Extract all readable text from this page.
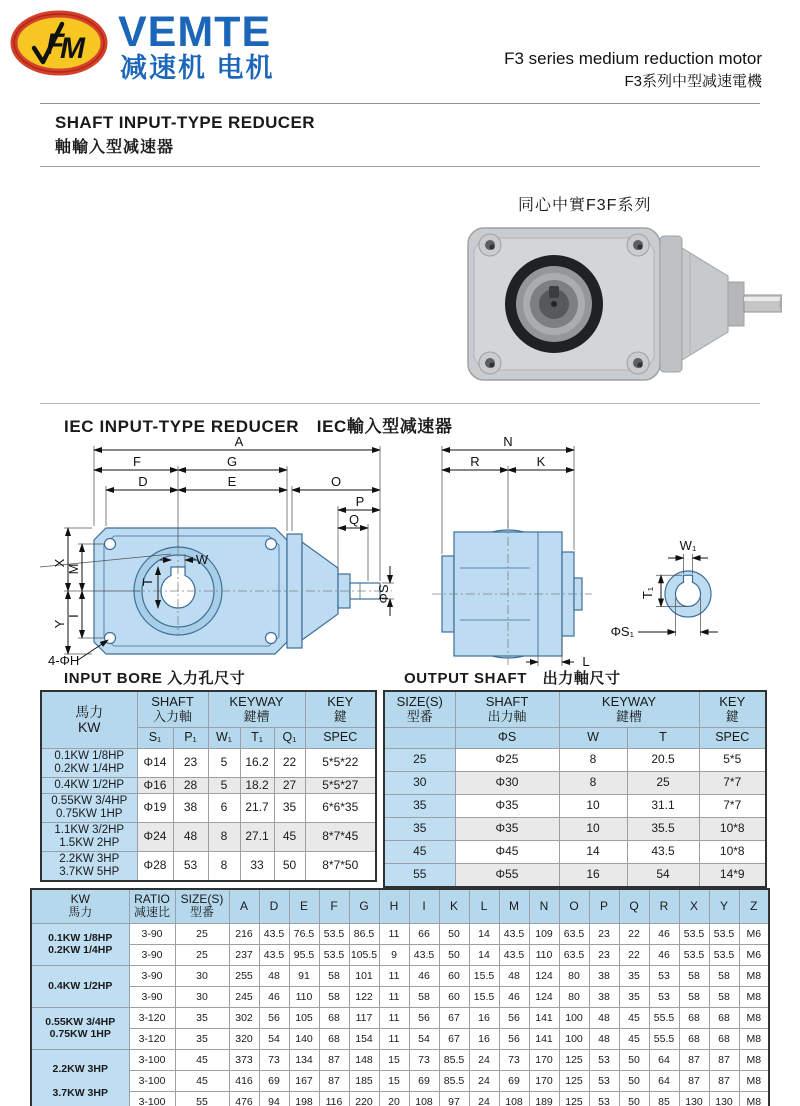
F
M VEMTE
减速机 电机	F3 series medium reduction motor
F3系列中型减速電機
SHAFT INPUT-TYPE REDUCER
軸輸入型减速器
同心中實F3F系列
IEC INPUT-TYPE REDUCER　IEC輸入型减速器
A
F	G
D	E	O
P
Q
W
N
R	K
L
W₁
X
M
Y
I
T
ΦS	T₁
4-ΦH
ΦS₁
INPUT BORE 入力孔尺寸	OUTPUT SHAFT　出力軸尺寸
馬力
KW

SHAFT
入力軸

KEYWAY
鍵槽

KEY
鍵

	S₁	P₁	W₁	T₁	Q₁	SPEC

0.1KW 1/8HP
0.2KW 1/4HP	Φ14	23	5	16.2	22	5*5*22

0.4KW 1/2HP	Φ16	28	5	18.2	27	5*5*27

0.55KW 3/4HP
0.75KW 1HP	Φ19	38	6	21.7	35	6*6*35

1.1KW 3/2HP
1.5KW 2HP	Φ24	48	8	27.1	45	8*7*45

2.2KW 3HP
3.7KW 5HP	Φ28	53	8	33	50	8*7*50
SIZE(S)
型番

SHAFT
出力軸

KEYWAY
鍵槽

KEY
鍵

	ΦS	W	T	SPEC

25	Φ25	8	20.5	5*5

30	Φ30	8	25	7*7

35	Φ35	10	31.1	7*7

35	Φ35	10	35.5	10*8

45	Φ45	14	43.5	10*8

55	Φ55	16	54	14*9
KW
馬力

RATIO
减速比

SIZE(S)
型番	A	D	E	F	G	H	I	K	L	M	N	O	P	Q	R	X	Y	Z

0.1KW 1/8HP
0.2KW 1/4HP	3-90	25	216	43.5	76.5	53.5	86.5	11	66	50	14	43.5	109	63.5	23	22	46	53.5	53.5	M6
	3-90	25	237	43.5	95.5	53.5	105.5	9	43.5	50	14	43.5	110	63.5	23	22	46	53.5	53.5	M6

0.4KW 1/2HP	3-90	30	255	48	91	58	101	11	46	60	15.5	48	124	80	38	35	53	58	58	M8
	3-90	30	245	46	110	58	122	11	58	60	15.5	46	124	80	38	35	53	58	58	M8

0.55KW 3/4HP
0.75KW 1HP	3-120	35	302	56	105	68	117	11	56	67	16	56	141	100	48	45	55.5	68	68	M8
	3-120	35	320	54	140	68	154	11	54	67	16	56	141	100	48	45	55.5	68	68	M8

2.2KW 3HP
3.7KW 3HP	3-100	45	373	73	134	87	148	15	73	85.5	24	73	170	125	53	50	64	87	87	M8
	3-100	45	416	69	167	87	185	15	69	85.5	24	69	170	125	53	50	64	87	87	M8
	3-100	55	476	94	198	116	220	20	108	97	24	108	189	125	53	50	85	130	130	M8
